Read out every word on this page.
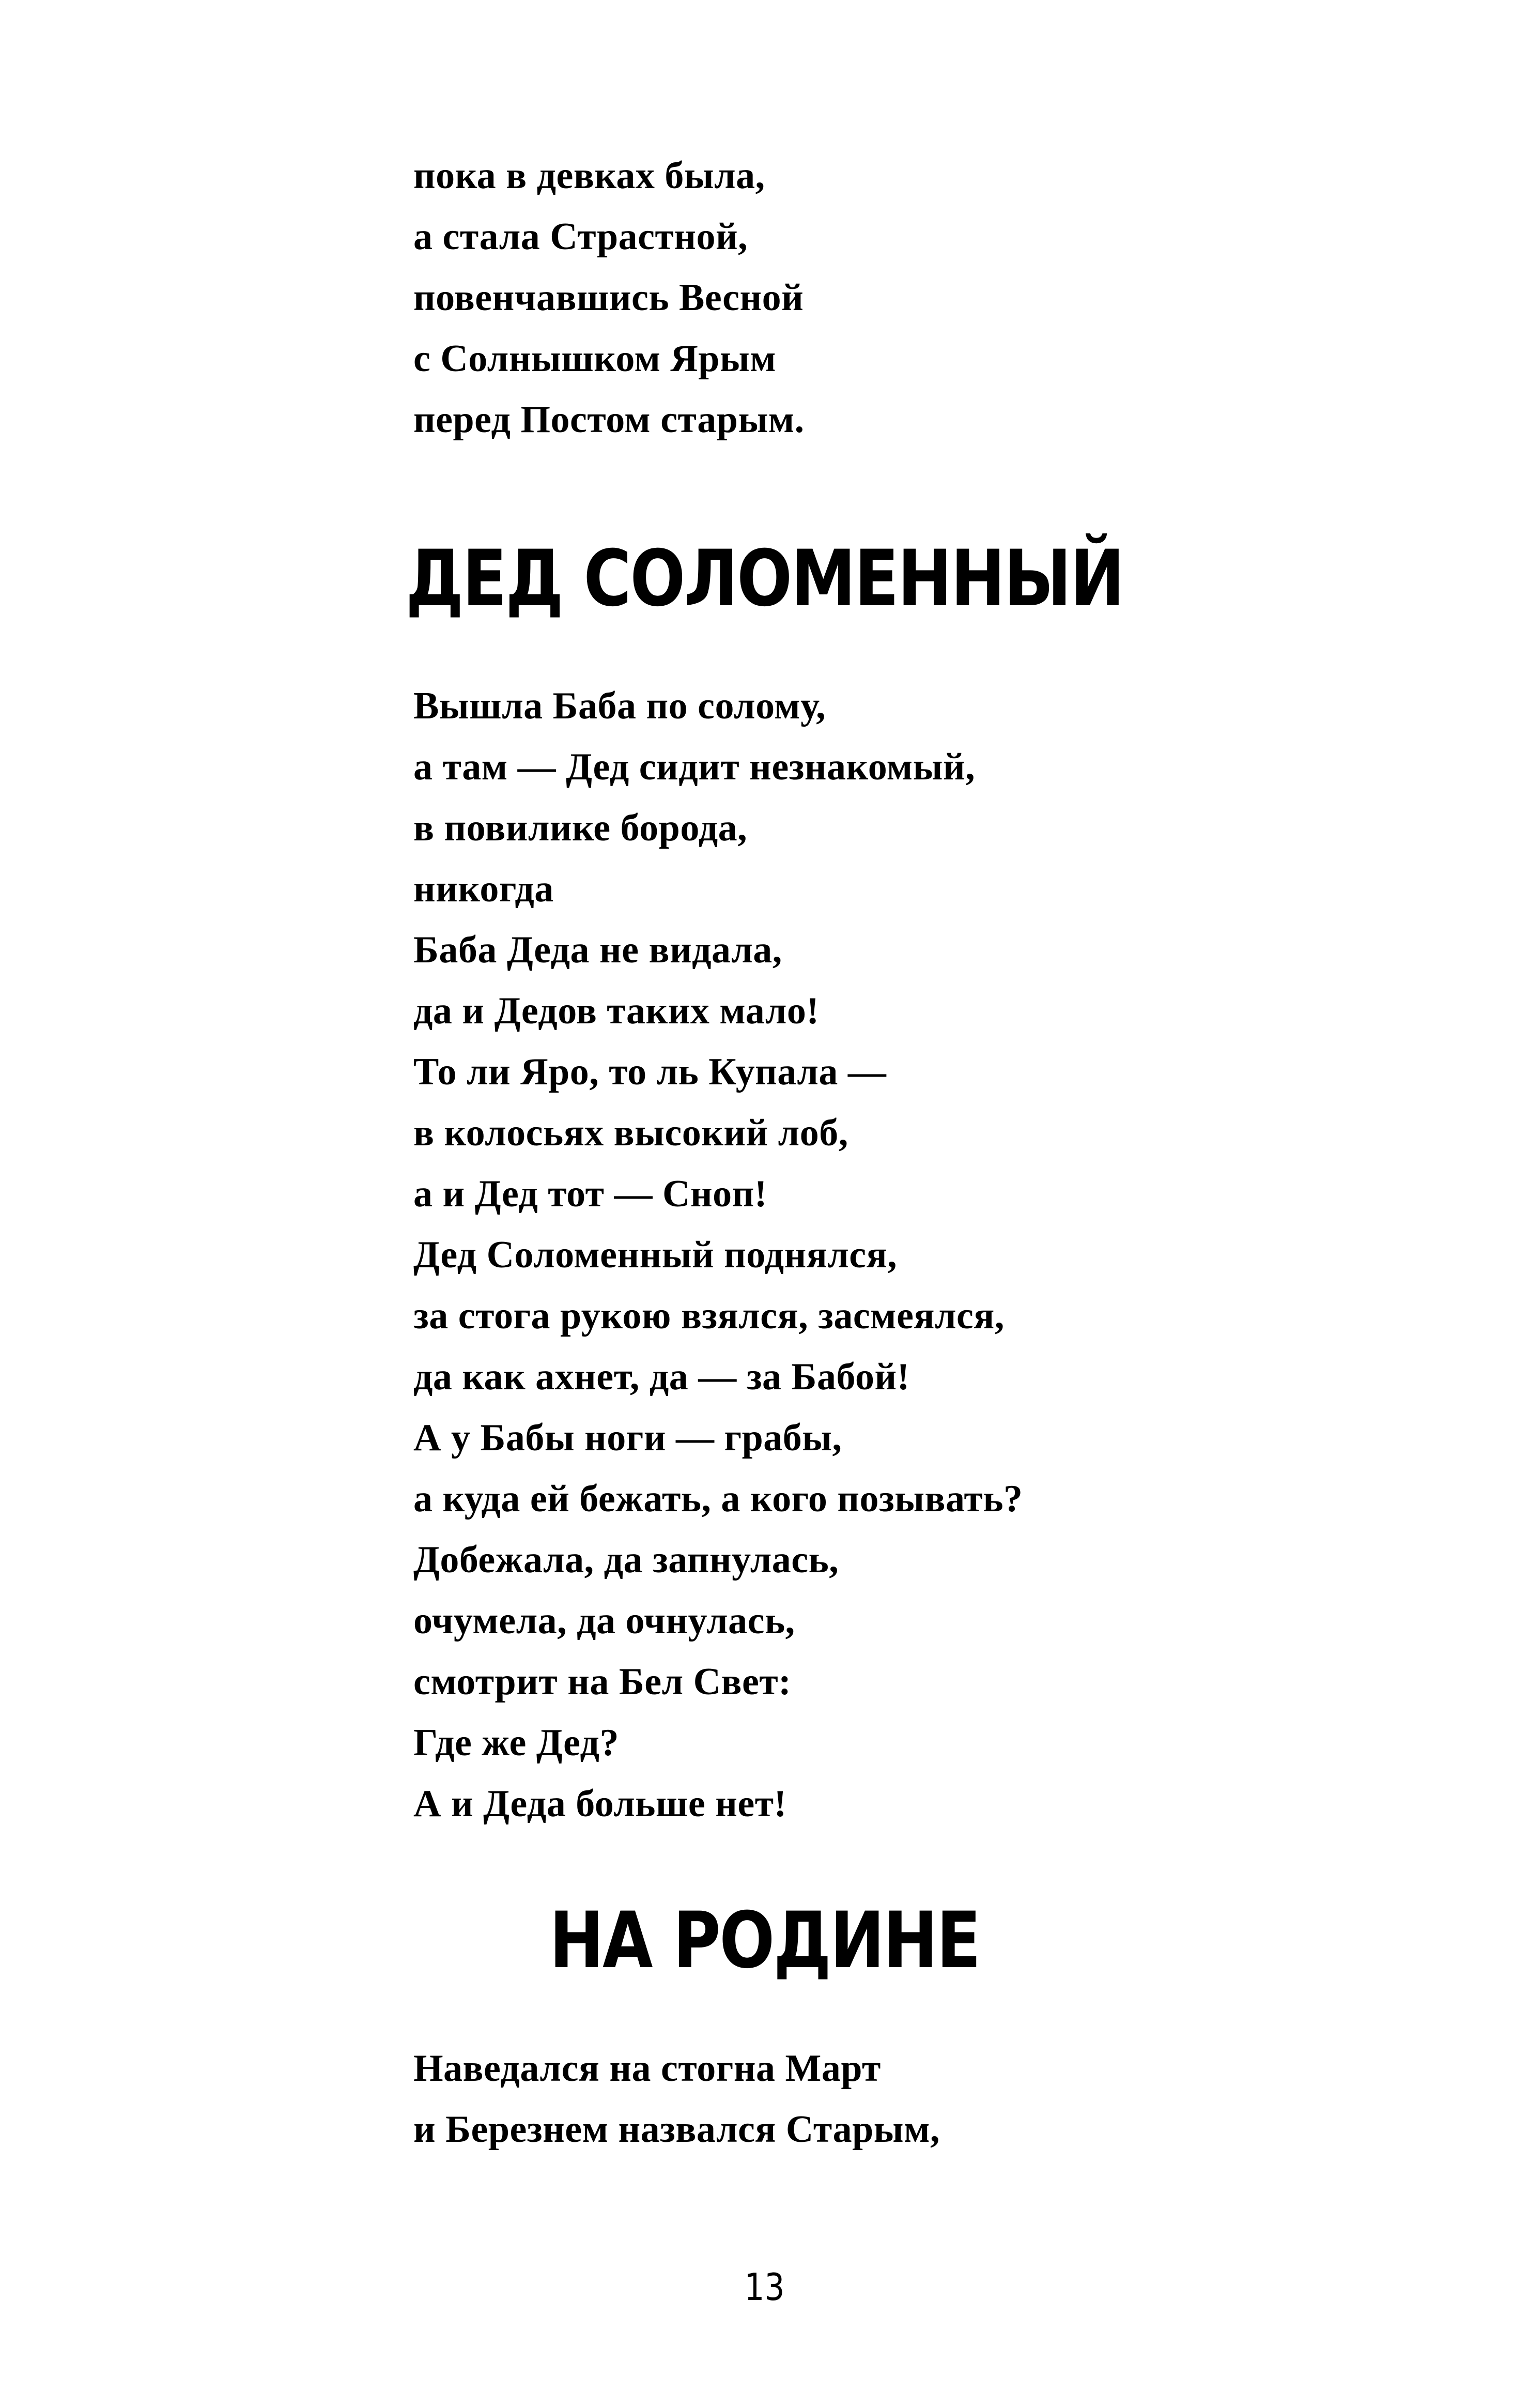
пока в девках была,
а стала Страстной,
повенчавшись Весной
с Солнышком Ярым
перед Постом старым.
ДЕД СОЛОМЕННЫЙ
Вышла Баба по солому,
а там — Дед сидит незнакомый,
в повилике борода,
никогда
Баба Деда не видала,
да и Дедов таких мало!
То ли Яро, то ль Купала —
в колосьях высокий лоб,
а и Дед тот — Сноп!
Дед Соломенный поднялся,
за стога рукою взялся, засмеялся,
да как ахнет, да — за Бабой!
А у Бабы ноги — грабы,
а куда ей бежать, а кого позывать?
Добежала, да запнулась,
очумела, да очнулась,
смотрит на Бел Свет:
Где же Дед?
А и Деда больше нет!
НА РОДИНЕ
Наведался на стогна Март
и Березнем назвался Старым,
13
